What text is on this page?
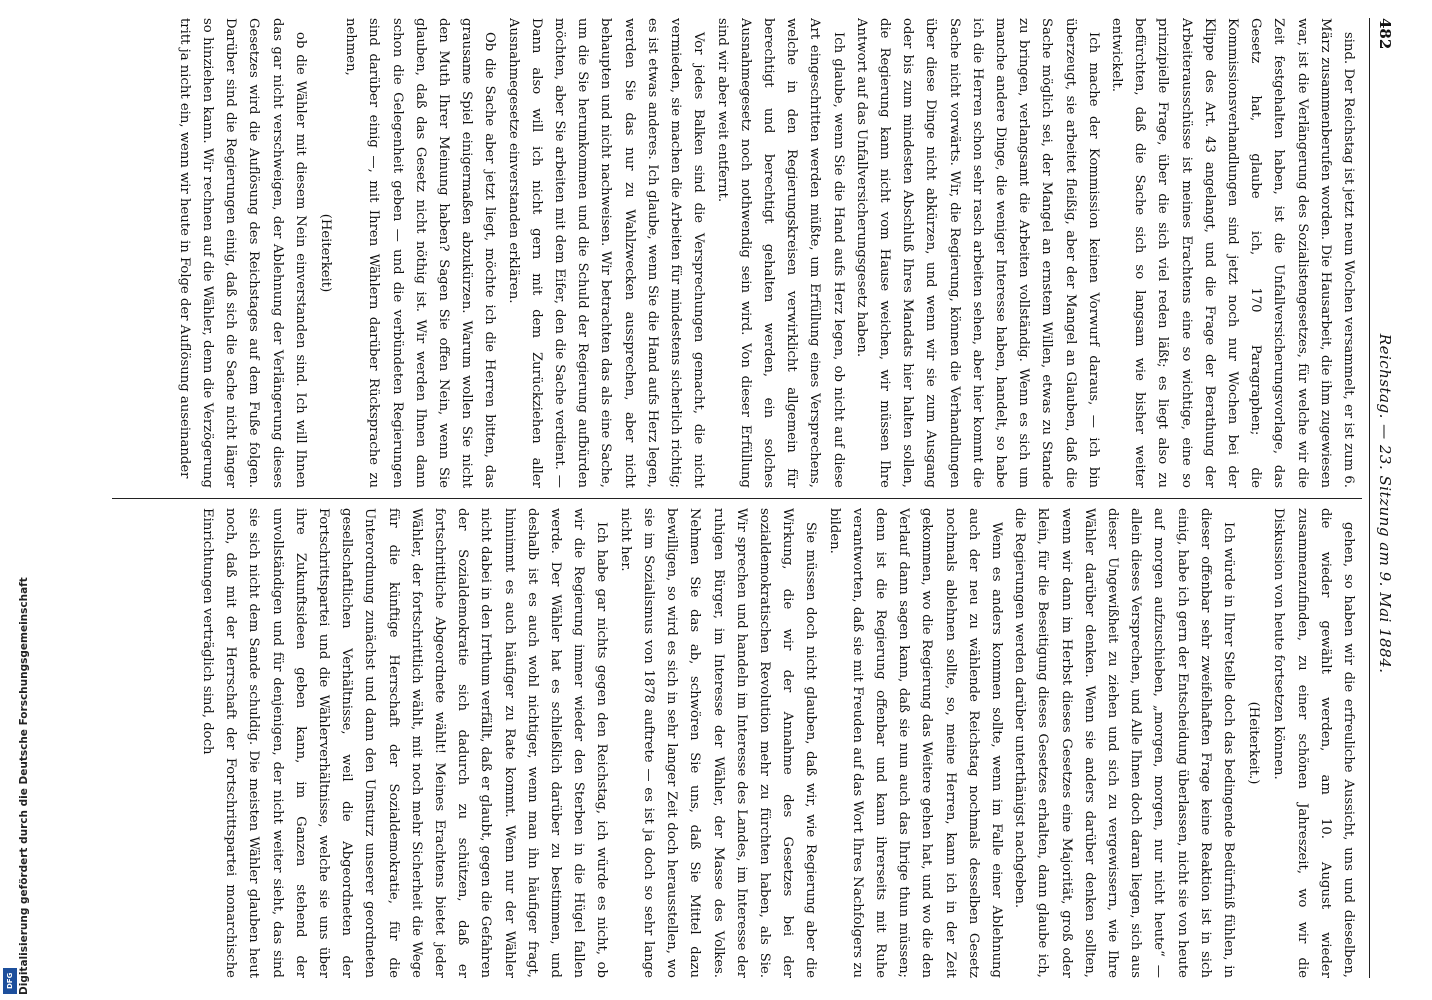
482
Reichstag. — 23. Sitzung am 9. Mai 1884.

sind. Der Reichstag ist jetzt neun Wochen versammelt, er ist zum 6. März zusammenberufen worden. Die Hausarbeit, die ihm zugewiesen war, ist die Verlängerung des Sozialistengesetzes, für welche wir die Zeit festgehalten haben, ist die Unfallversicherungsvorlage, das Gesetz hat, glaube ich, 170 Paragraphen; die Kommissionsverhandlungen sind jetzt noch nur Wochen bei der Klippe des Art. 43 angelangt, und die Frage der Berathung der Arbeiterausschüsse ist meines Erachtens eine so wichtige, eine so prinzipielle Frage, über die sich viel reden läßt; es liegt also zu befürchten, daß die Sache sich so langsam wie bisher weiter entwickelt.

Ich mache der Kommission keinen Vorwurf daraus, — ich bin überzeugt, sie arbeitet fleißig, aber der Mangel an Glauben, daß die Sache möglich sei, der Mangel an ernstem Willen, etwas zu Stande zu bringen, verlangsamt die Arbeiten vollständig. Wenn es sich um manche andere Dinge, die weniger Interesse haben, handelt, so habe ich die Herren schon sehr rasch arbeiten sehen, aber hier kommt die Sache nicht vorwärts. Wir, die Regierung, können die Verhandlungen über diese Dinge nicht abkürzen, und wenn wir sie zum Ausgang oder bis zum mindesten Abschluß Ihres Mandats hier halten sollen, die Regierung kann nicht vom Hause weichen, wir müssen Ihre Antwort auf das Unfallversicherungsgesetz haben.

Ich glaube, wenn Sie die Hand aufs Herz legen, ob nicht auf diese Art eingeschritten werden müßte, um Erfüllung eines Versprechens, welche in den Regierungskreisen verwirklicht allgemein für berechtigt und berechtigt gehalten werden, ein solches Ausnahmegesetz noch nothwendig sein wird. Von dieser Erfüllung sind wir aber weit entfernt.

Vor jedes Balken sind die Versprechungen gemacht, die nicht vermieden, sie machen die Arbeiten für mindestens sicherlich richtig; es ist etwas anderes. Ich glaube, wenn Sie die Hand aufs Herz legen, werden Sie das nur zu Wahlzwecken aussprechen, aber nicht behaupten und nicht nachweisen. Wir betrachten das als eine Sache, um die Sie herumkommen und die Schuld der Regierung aufbürden möchten, aber Sie arbeiten mit dem Eifer, den die Sache verdient. — Dann also will ich nicht gern mit dem Zurückziehen aller Ausnahmegesetze einverstanden erklären.

Ob die Sache aber jetzt liegt, möchte ich die Herren bitten, das grausame Spiel einigermaßen abzukürzen. Warum wollen Sie nicht den Muth Ihrer Meinung haben? Sagen Sie offen Nein, wenn Sie glauben, daß das Gesetz nicht nöthig ist. Wir werden Ihnen dann schon die Gelegenheit geben — und die verbündeten Regierungen sind darüber einig —, mit Ihren Wählern darüber Rücksprache zu nehmen,

(Heiterkeit)

ob die Wähler mit diesem Nein einverstanden sind. Ich will Ihnen das gar nicht verschweigen, der Ablehnung der Verlängerung dieses Gesetzes wird die Auflösung des Reichstages auf dem Fuße folgen. Darüber sind die Regierungen einig, daß sich die Sache nicht länger so hinziehen kann. Wir rechnen auf die Wähler, denn die Verzögerung tritt ja nicht ein, wenn wir heute in Folge der Auflösung auseinander

gehen, so haben wir die erfreuliche Aussicht, uns und dieselben, die wieder gewählt werden, am 10. August wieder zusammenzufinden, zu einer schönen Jahreszeit, wo wir die Diskussion von heute fortsetzen können.

(Heiterkeit.)

Ich würde in Ihrer Stelle doch das bedingende Bedürfniß fühlen, in dieser offenbar sehr zweifelhaften Frage keine Reaktion ist in sich einig, habe ich gern der Entscheidung überlassen, nicht sie von heute auf morgen aufzuschieben, „morgen, morgen, nur nicht heute“ — allein dieses Versprechen, und Alle Ihnen doch daran liegen, sich aus dieser Ungewißheit zu ziehen und sich zu vergewissern, wie Ihre Wähler darüber denken. Wenn sie anders darüber denken sollten, wenn wir dann im Herbst dieses Gesetzes eine Majorität, groß oder klein, für die Beseitigung dieses Gesetzes erhalten, dann glaube ich, die Regierungen werden darüber unterthänigst nachgeben.

Wenn es anders kommen sollte, wenn im Falle einer Ablehnung auch der neu zu wählende Reichstag nochmals desselben Gesetz nochmals ablehnen sollte, so, meine Herren, kann ich in der Zeit gekommen, wo die Regierung das Weitere gehen hat, und wo die den Verlauf dann sagen kann, daß sie nun auch das Ihrige thun müssen; denn ist die Regierung offenbar und kann ihrerseits mit Ruhe verantworten, daß sie mit Freuden auf das Wort Ihres Nachfolgers zu bilden.

Sie müssen doch nicht glauben, daß wir, wie Regierung aber die Wirkung, die wir der Annahme des Gesetzes bei der sozialdemokratischen Revolution mehr zu fürchten haben, als Sie. Wir sprechen und handeln im Interesse des Landes, im Interesse der ruhigen Bürger, im Interesse der Wähler, der Masse des Volkes. Nehmen Sie das ab, schwören Sie uns, daß Sie Mittel dazu bewilligen, so wird es sich in sehr langer Zeit doch herausstellen, wo sie im Sozialismus von 1878 auftrete — es ist ja doch so sehr lange nicht her.

Ich habe gar nichts gegen den Reichstag, ich würde es nicht, ob wir die Regierung immer wieder den Sterben in die Hügel fallen werde. Der Wähler hat es schließlich darüber zu bestimmen, und deshalb ist es auch wohl nichtiger, wenn man ihn häufiger fragt, hinnimmt es auch häufiger zu Rate kommt. Wenn nur der Wähler nicht dabei in den Irrthum verfällt, daß er glaubt, gegen die Gefahren der Sozialdemokratie sich dadurch zu schützen, daß er fortschrittliche Abgeordnete wählt! Meines Erachtens bietet jeder Wähler, der fortschrittlich wählt, mit noch mehr Sicherheit die Wege für die künftige Herrschaft der Sozialdemokratie, für die Unterordnung zunächst und dann den Umsturz unserer geordneten gesellschaftlichen Verhältnisse, weil die Abgeordneten der Fortschrittspartei und die Wählerverhältnisse, welche sie uns über ihre Zukunftsideen geben kann, im Ganzen stehend der unvollständigen und für denjenigen, der nicht weiter sieht, das sind sie sich nicht dem Sande schuldig. Die meisten Wähler glauben heut noch, daß mit der Herrschaft der Fortschrittspartei monarchische Einrichtungen verträglich sind, doch

Digitalisierung gefördert durch die Deutsche Forschungsgemeinschaft
DFG
